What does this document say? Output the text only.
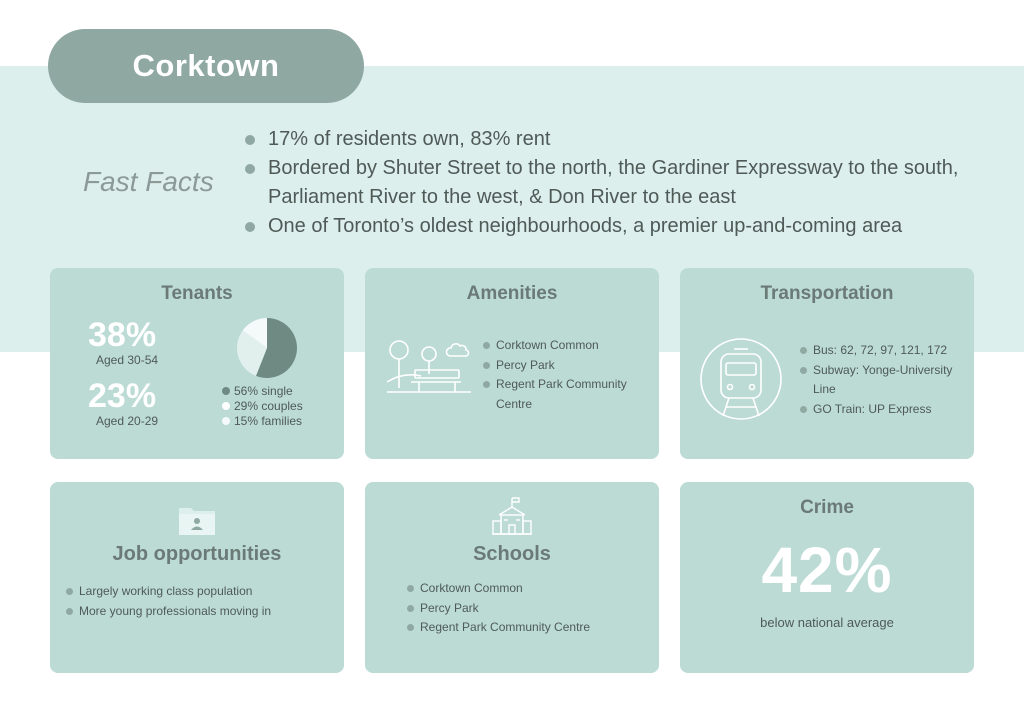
Corktown
Fast Facts
17% of residents own, 83% rent
Bordered by Shuter Street to the north, the Gardiner Expressway to the south, Parliament River to the west, & Don River to the east
One of Toronto’s oldest neighbourhoods, a premier up-and-coming area
Tenants
38%
Aged 30-54
23%
Aged 20-29
56% single
29% couples
15% families
Amenities
Corktown Common
Percy Park
Regent Park Community Centre
Transportation
Bus: 62, 72, 97, 121, 172
Subway: Yonge-University Line
GO Train: UP Express
Job opportunities
Largely working class population
More young professionals moving in
Schools
Corktown Common
Percy Park
Regent Park Community Centre
Crime
42%
below national average
